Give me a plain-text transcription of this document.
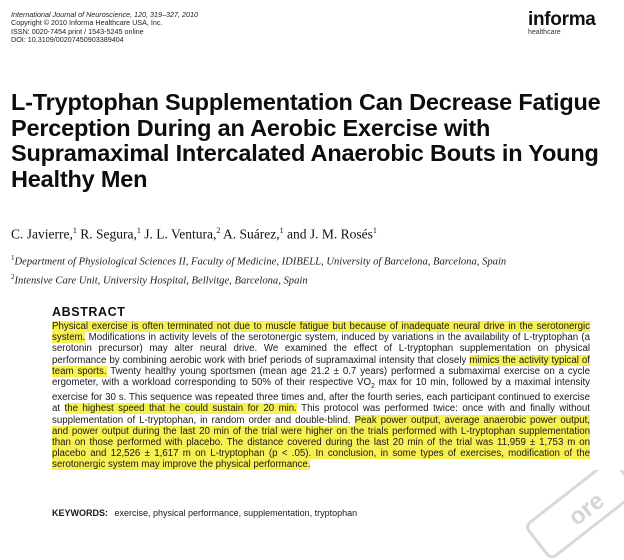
International Journal of Neuroscience, 120, 319–327, 2010
Copyright © 2010 Informa Healthcare USA, Inc.
ISSN: 0020-7454 print / 1543-5245 online
DOI: 10.3109/00207450903389404
informa
healthcare
L-Tryptophan Supplementation Can Decrease Fatigue Perception During an Aerobic Exercise with Supramaximal Intercalated Anaerobic Bouts in Young Healthy Men
C. Javierre,$^1$ R. Segura,$^1$ J. L. Ventura,$^2$ A. Suárez,$^1$ and J. M. Rosés$^1$
$^1$Department of Physiological Sciences II, Faculty of Medicine, IDIBELL, University of Barcelona, Barcelona, Spain
$^2$Intensive Care Unit, University Hospital, Bellvitge, Barcelona, Spain
ABSTRACT

Physical exercise is often terminated not due to muscle fatigue but because of inadequate neural drive in the serotonergic system. Modifications in activity levels of the serotonergic system, induced by variations in the availability of L-tryptophan (a serotonin precursor) may alter neural drive. We examined the effect of L-tryptophan supplementation on physical performance by combining aerobic work with brief periods of supramaximal intensity that closely mimics the activity typical of team sports. Twenty healthy young sportsmen (mean age 21.2 ± 0.7 years) performed a submaximal exercise on a cycle ergometer, with a workload corresponding to 50% of their respective $VO_2$ max for 10 min, followed by a maximal intensity exercise for 30 s. This sequence was repeated three times and, after the fourth series, each participant continued to exercise at the highest speed that he could sustain for 20 min. This protocol was performed twice: once with and finally without supplementation of L-tryptophan, in random order and double-blind. Peak power output, average anaerobic power output, and power output during the last 20 min of the trial were higher on the trials performed with L-tryptophan supplementation than on those performed with placebo. The distance covered during the last 20 min of the trial was 11,959 ± 1,753 m on placebo and 12,526 ± 1,617 m on L-tryptophan (p < .05). In conclusion, in some types of exercises, modification of the serotonergic system may improve the physical performance.

KEYWORDS: exercise, physical performance, supplementation, tryptophan	ore
